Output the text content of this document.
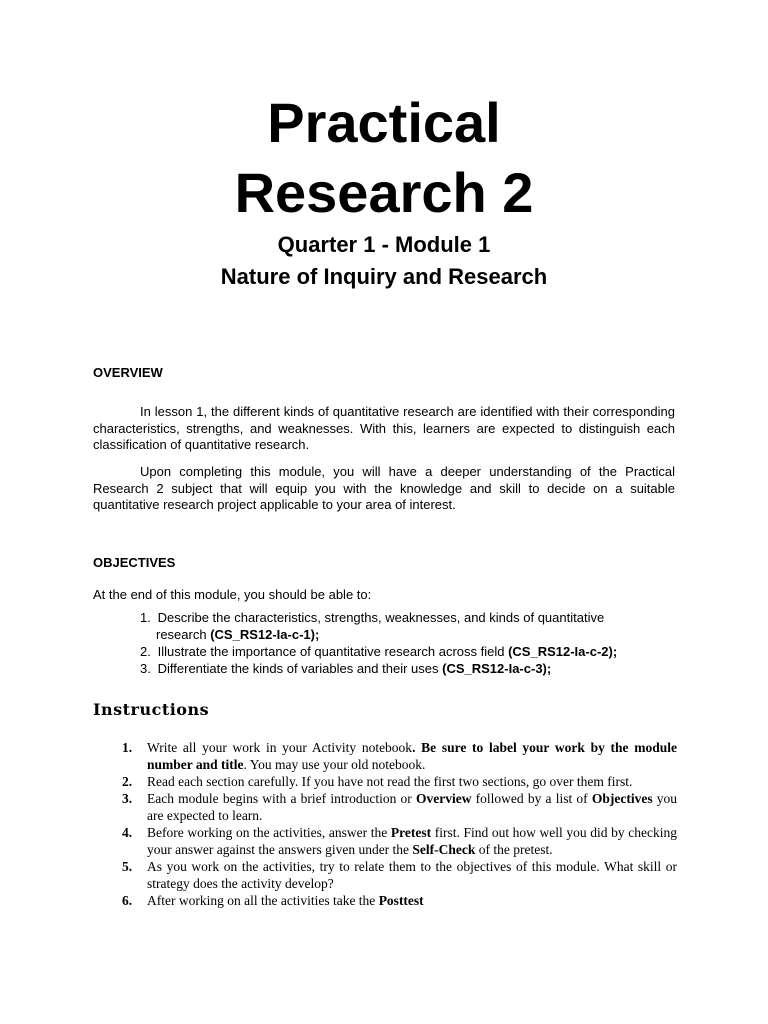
Practical
Research 2
Quarter 1 - Module 1
Nature of Inquiry and Research
OVERVIEW

In lesson 1, the different kinds of quantitative research are identified with their corresponding characteristics, strengths, and weaknesses. With this, learners are expected to distinguish each classification of quantitative research.

Upon completing this module, you will have a deeper understanding of the Practical Research 2 subject that will equip you with the knowledge and skill to decide on a suitable quantitative research project applicable to your area of interest.

OBJECTIVES
At the end of this module, you should be able to:
1. Describe the characteristics, strengths, weaknesses, and kinds of quantitative
research (CS_RS12-Ia-c-1);
2. Illustrate the importance of quantitative research across field (CS_RS12-Ia-c-2);
3. Differentiate the kinds of variables and their uses (CS_RS12-Ia-c-3);
Instructions
1. Write all your work in your Activity notebook. Be sure to label your work by the module number and title. You may use your old notebook.
2. Read each section carefully. If you have not read the first two sections, go over them first.
3. Each module begins with a brief introduction or Overview followed by a list of Objectives you are expected to learn.
4. Before working on the activities, answer the Pretest first. Find out how well you did by checking your answer against the answers given under the Self-Check of the pretest.
5. As you work on the activities, try to relate them to the objectives of this module. What skill or strategy does the activity develop?
6. After working on all the activities take the Posttest
